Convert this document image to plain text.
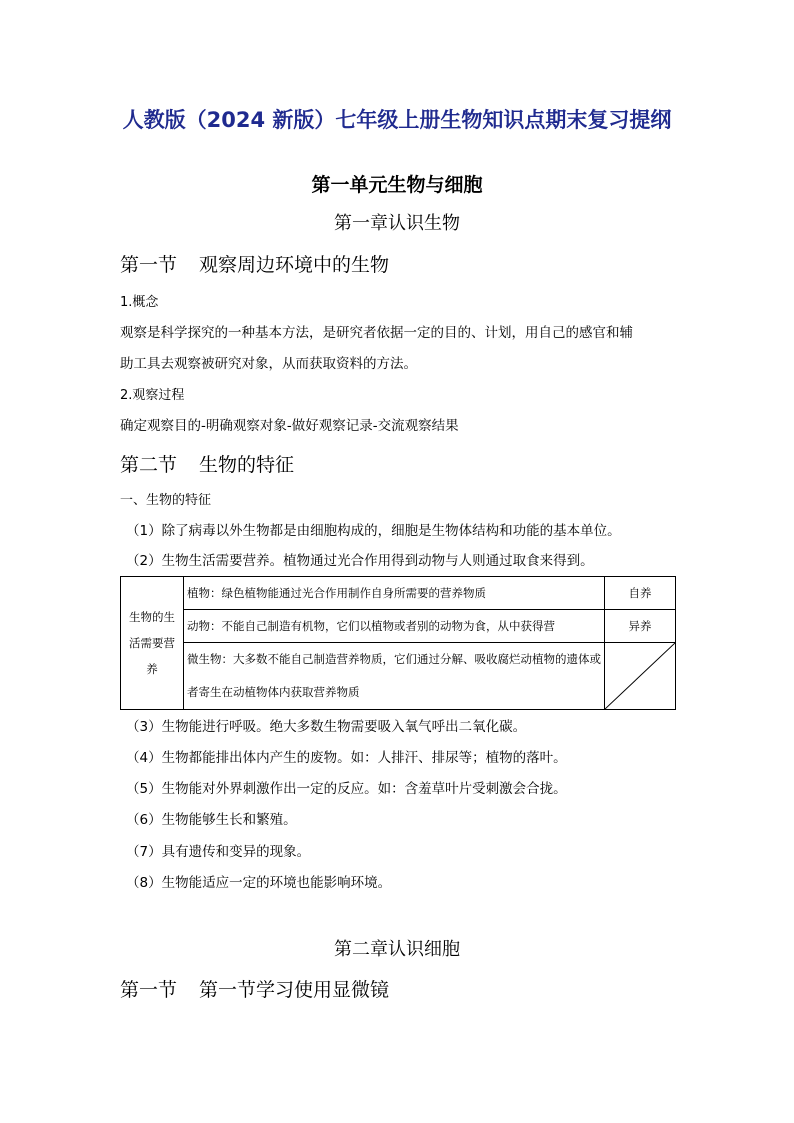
人教版（2024 新版）七年级上册生物知识点期末复习提纲
第一单元生物与细胞
第一章认识生物
第一节 观察周边环境中的生物
1.概念
观察是科学探究的一种基本方法，是研究者依据一定的目的、计划，用自己的感官和辅
助工具去观察被研究对象，从而获取资料的方法。
2.观察过程
确定观察目的-明确观察对象-做好观察记录-交流观察结果
第二节 生物的特征
一、生物的特征
（1）除了病毒以外生物都是由细胞构成的，细胞是生物体结构和功能的基本单位。
（2）生物生活需要营养。植物通过光合作用得到动物与人则通过取食来得到。
生物的生活需要营养	植物：绿色植物能通过光合作用制作自身所需要的营养物质	自养
	动物：不能自己制造有机物，它们以植物或者别的动物为食，从中获得营	异养
	微生物：大多数不能自己制造营养物质，它们通过分解、吸收腐烂动植物的遗体或者寄生在动植物体内获取营养物质	
（3）生物能进行呼吸。绝大多数生物需要吸入氧气呼出二氧化碳。
（4）生物都能排出体内产生的废物。如：人排汗、排尿等；植物的落叶。
（5）生物能对外界刺激作出一定的反应。如：含羞草叶片受刺激会合拢。
（6）生物能够生长和繁殖。
（7）具有遗传和变异的现象。
（8）生物能适应一定的环境也能影响环境。
第二章认识细胞
第一节 第一节学习使用显微镜
